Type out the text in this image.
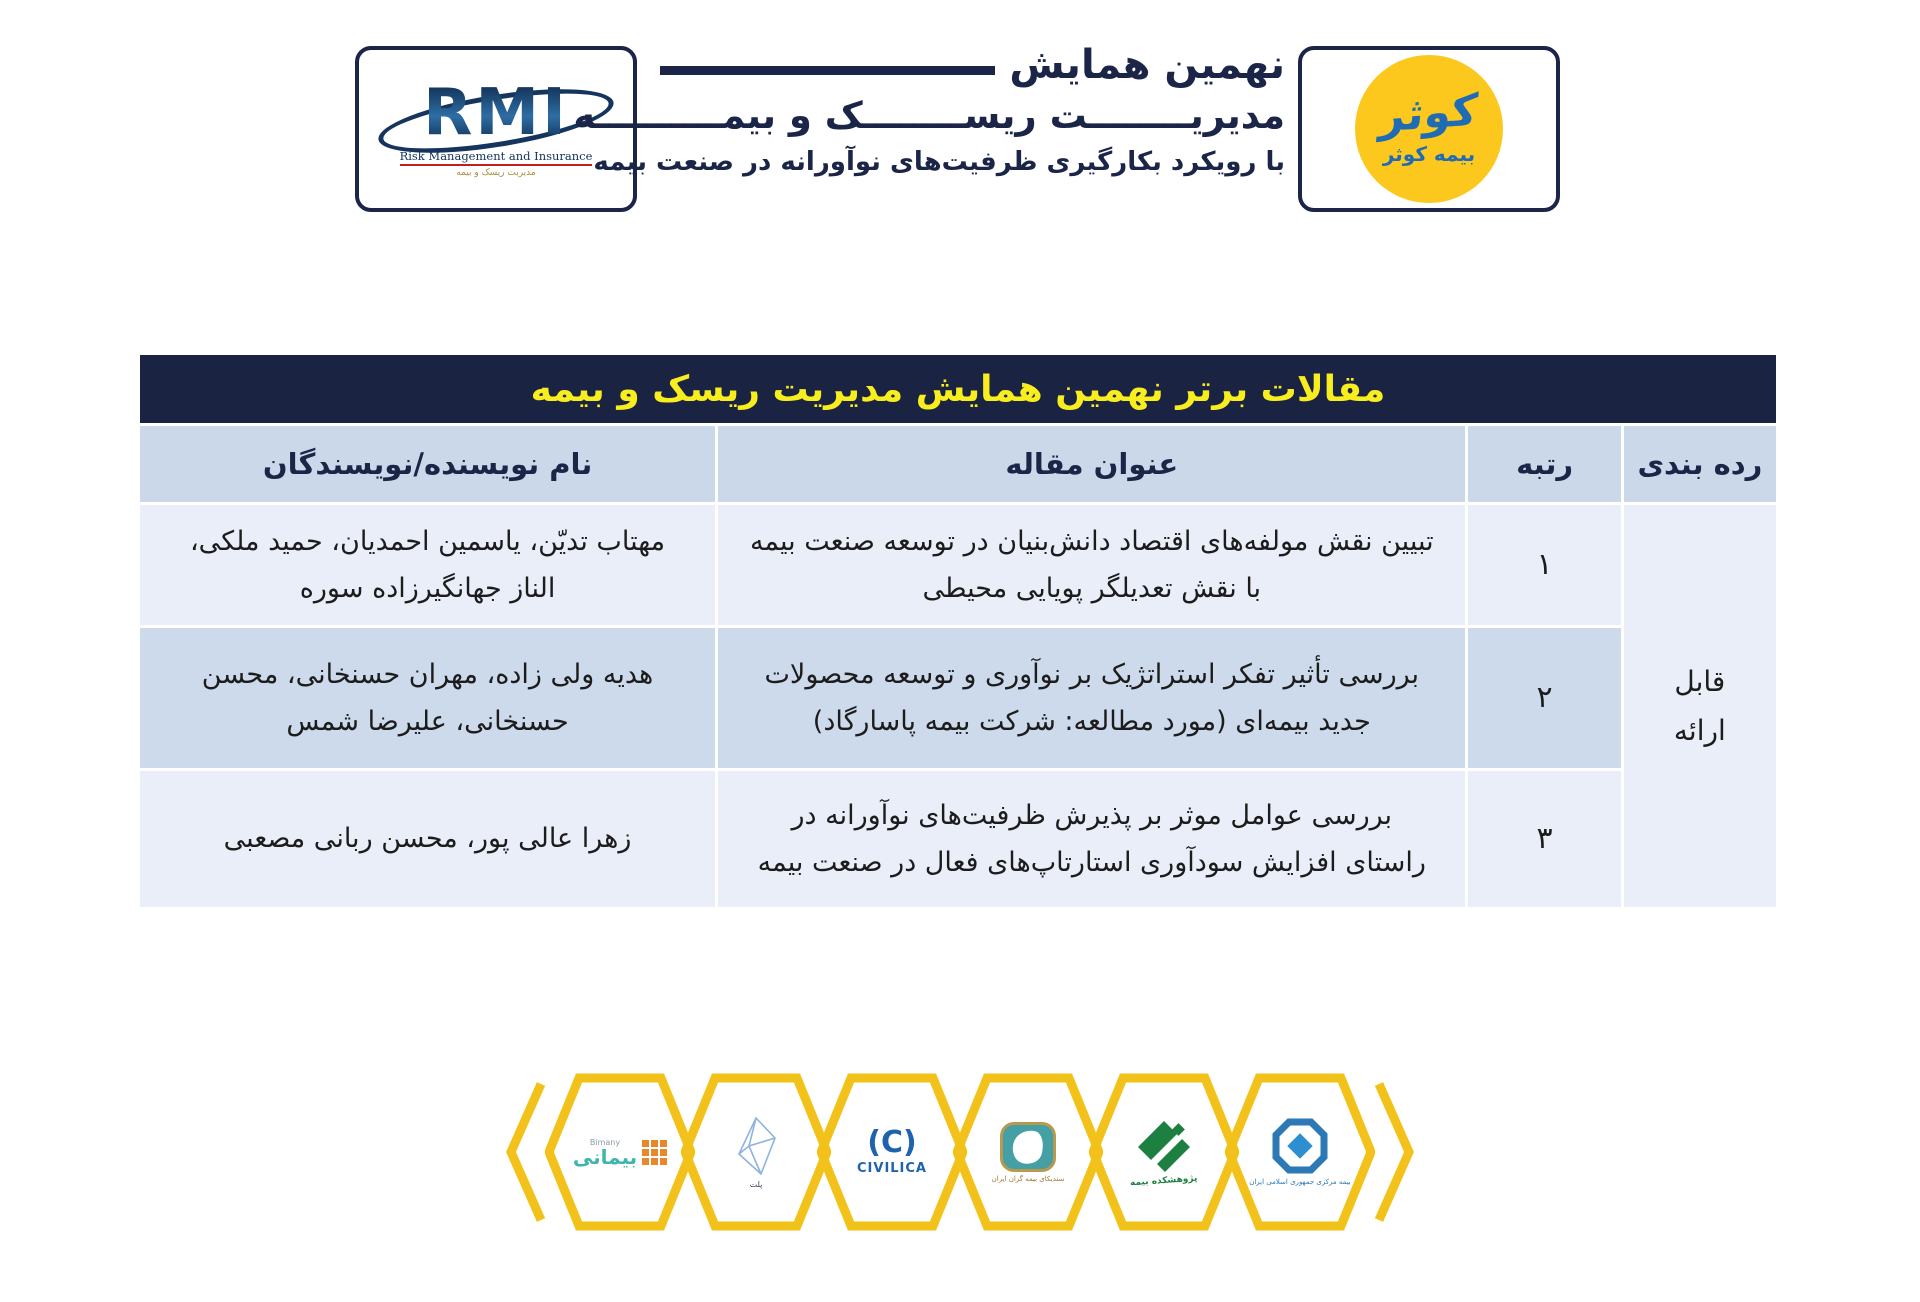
RMI
Risk Management and Insurance
مدیریت ریسک و بیمه
نهمین همایش
مدیریــــــــت ریســــــــک و بیمــــــــــه
با رویکرد بکارگیری ظرفیت‌های نوآورانه در صنعت بیمه
کوثر
بیمه کوثر
مقالات برتر نهمین همایش مدیریت ریسک و بیمه			
رده بندی	رتبه	عنوان مقاله	نام نویسنده/نویسندگان
قابل ارائه	۱	تبیین نقش مولفه‌های اقتصاد دانش‌بنیان در توسعه صنعت بیمه با نقش تعدیلگر پویایی محیطی	مهتاب تدیّن، یاسمین احمدیان، حمید ملکی، الناز جهانگیرزاده سوره
	۲	بررسی تأثیر تفکر استراتژیک بر نوآوری و توسعه محصولات جدید بیمه‌ای (مورد مطالعه: شرکت بیمه پاسارگاد)	هدیه ولی زاده، مهران حسنخانی، محسن حسنخانی، علیرضا شمس
	۳	بررسی عوامل موثر بر پذیرش ظرفیت‌های نوآورانه در راستای افزایش سودآوری استارتاپ‌های فعال در صنعت بیمه	زهرا عالی پور، محسن ربانی مصعبی
Bimany
بیمانی
پلت
(C)
CIVILICA
سندیکای بیمه گران ایران	پژوهشکده بیمه	بیمه مرکزی جمهوری اسلامی ایران
